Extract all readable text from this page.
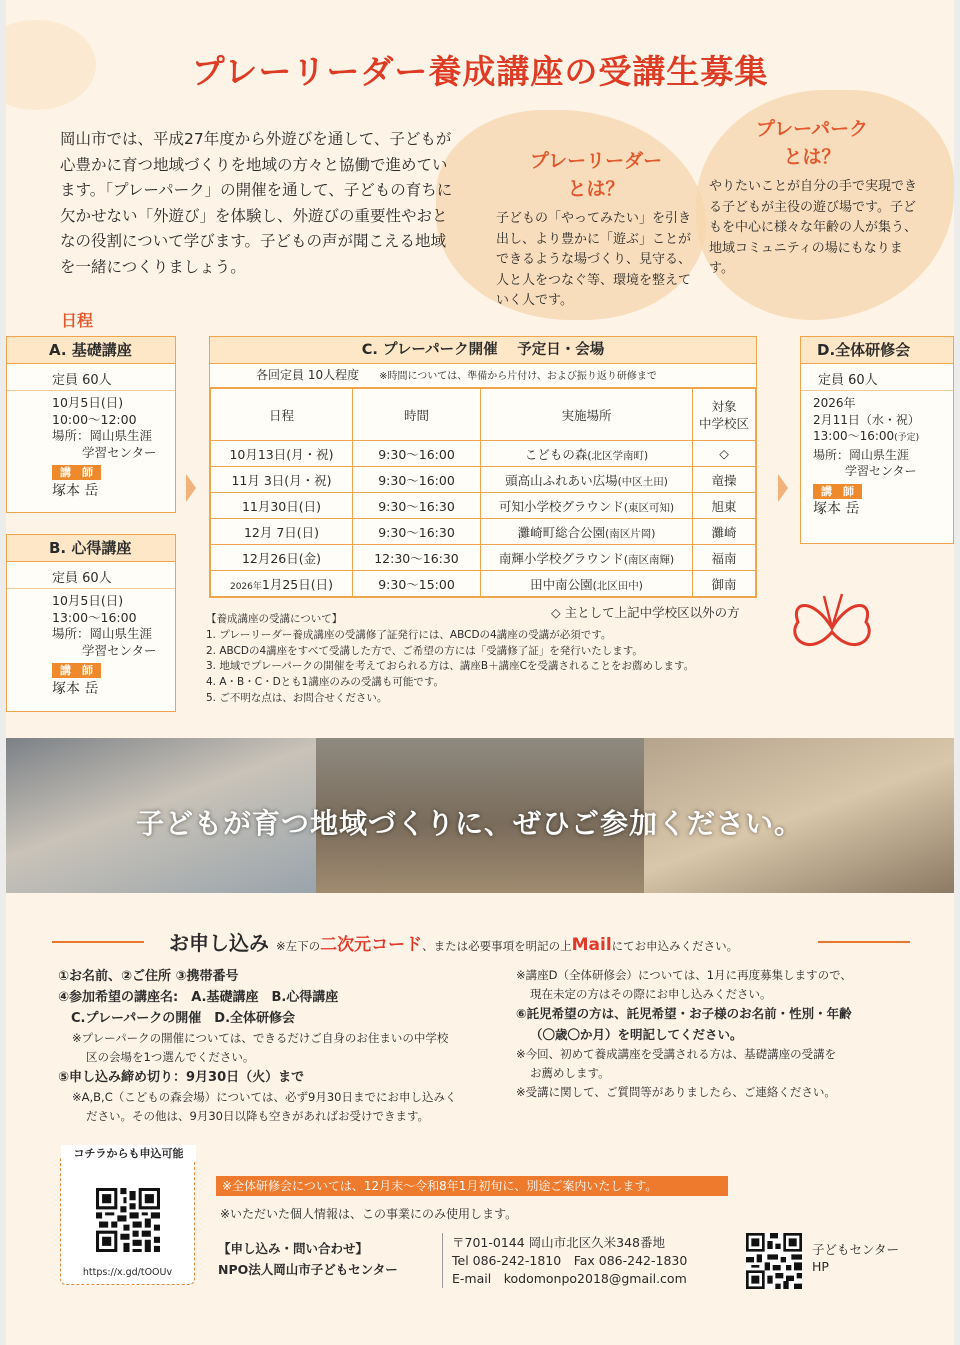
プレーリーダー養成講座の受講生募集

岡山市では、平成27年度から外遊びを通して、子どもが心豊かに育つ地域づくりを地域の方々と協働で進めています。「プレーパーク」の開催を通して、子どもの育ちに欠かせない「外遊び」を体験し、外遊びの重要性やおとなの役割について学びます。子どもの声が聞こえる地域を一緒につくりましょう。

プレーリーダー
とは？

子どもの「やってみたい」を引き出し、より豊かに「遊ぶ」ことができるような場づくり、見守る、人と人をつなぐ等、環境を整えていく人です。

プレーパーク
とは？

やりたいことが自分の手で実現できる子どもが主役の遊び場です。子どもを中心に様々な年齢の人が集う、地域コミュニティの場にもなります。

日程
A. 基礎講座
定員 60人
10月5日(日)
10:00〜12:00
場所：岡山県生涯
学習センター
講　師
塚本 岳
B. 心得講座
定員 60人
10月5日(日)
13:00〜16:00
場所：岡山県生涯
学習センター
講　師
塚本 岳
C. プレーパーク開催　 予定日・会場
各回定員 10人程度 ※時間については、準備から片付け、および振り返り研修まで
日程	時間	実施場所	対象
中学校区
10月13日(月・祝)	9:30〜16:00	こどもの森(北区学南町)	◇
11月 3日(月・祝)	9:30〜16:00	頭高山ふれあい広場(中区土田)	竜操
11月30日(日)	9:30〜16:30	可知小学校グラウンド(東区可知)	旭東
12月 7日(日)	9:30〜16:30	灘崎町総合公園(南区片岡)	灘崎
12月26日(金)	12:30〜16:30	南輝小学校グラウンド(南区南輝)	福南
2026年1月25日(日)	9:30〜15:00	田中南公園(北区田中)	御南
◇ 主として上記中学校区以外の方
D.全体研修会
定員 60人
2026年
2月11日（水・祝）
13:00〜16:00(予定)
場所：岡山県生涯
学習センター
講　師
塚本 岳
【養成講座の受講について】
1. プレーリーダー養成講座の受講修了証発行には、ABCDの4講座の受講が必須です。
2. ABCDの4講座をすべて受講した方で、ご希望の方には「受講修了証」を発行いたします。
3. 地域でプレーパークの開催を考えておられる方は、講座B＋講座Cを受講されることをお薦めします。
4. A・B・C・Dとも1講座のみの受講も可能です。
5. ご不明な点は、お問合せください。
子どもが育つ地域づくりに、ぜひご参加ください。
お申し込み ※左下の二次元コード、または必要事項を明記の上Mailにてお申込みください。
①お名前、②ご住所 ③携帯番号
④参加希望の講座名:　A.基礎講座　B.心得講座
　C.プレーパークの開催　D.全体研修会
※プレーパークの開催については、できるだけご自身のお住まいの中学校
区の会場を1つ選んでください。
⑤申し込み締め切り：9月30日（火）まで
※A,B,C（こどもの森会場）については、必ず9月30日までにお申し込みく
ださい。その他は、9月30日以降も空きがあればお受けできます。
※講座D（全体研修会）については、1月に再度募集しますので、
現在未定の方はその際にお申し込みください。
⑥託児希望の方は、託児希望・お子様のお名前・性別・年齢
（〇歳〇か月）を明記してください。
※今回、初めて養成講座を受講される方は、基礎講座の受講を
お薦めします。
※受講に関して、ご質問等がありましたら、ご連絡ください。
コチラからも申込可能
https://x.gd/tOOUv
※全体研修会については、12月末～令和8年1月初旬に、別途ご案内いたします。
※いただいた個人情報は、この事業にのみ使用します。
【申し込み・問い合わせ】
NPO法人岡山市子どもセンター
〒701-0144 岡山市北区久米348番地
Tel 086-242-1810　Fax 086-242-1830
E-mail　kodomonpo2018@gmail.com
子どもセンター
HP
